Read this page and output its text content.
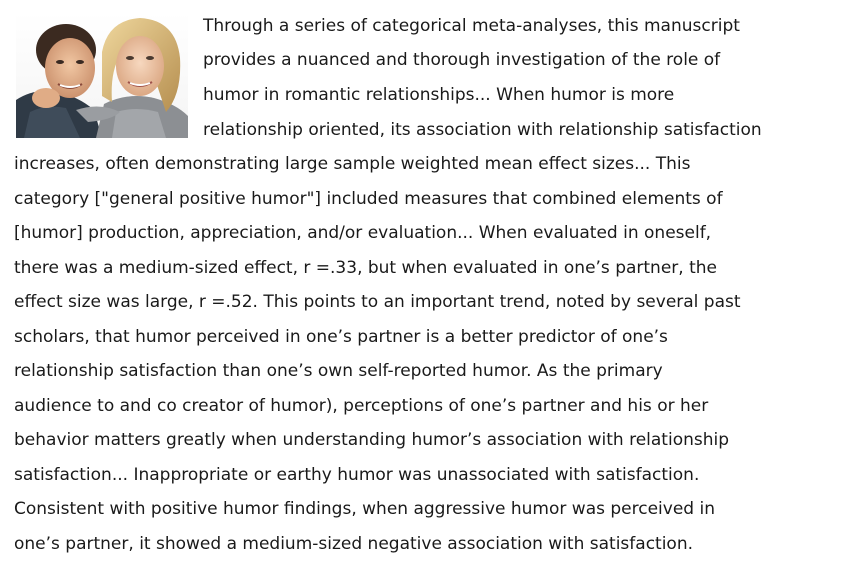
Through a series of categorical meta-analyses, this manuscript
provides a nuanced and thorough investigation of the role of
humor in romantic relationships... When humor is more
relationship oriented, its association with relationship satisfaction
increases, often demonstrating large sample weighted mean effect sizes... This
category ["general positive humor"] included measures that combined elements of
[humor] production, appreciation, and/or evaluation... When evaluated in oneself,
there was a medium-sized effect, r =.33, but when evaluated in one’s partner, the
effect size was large, r =.52. This points to an important trend, noted by several past
scholars, that humor perceived in one’s partner is a better predictor of one’s
relationship satisfaction than one’s own self-reported humor. As the primary
audience to and co creator of humor), perceptions of one’s partner and his or her
behavior matters greatly when understanding humor’s association with relationship
satisfaction... Inappropriate or earthy humor was unassociated with satisfaction.
Consistent with positive humor findings, when aggressive humor was perceived in
one’s partner, it showed a medium-sized negative association with satisfaction.
